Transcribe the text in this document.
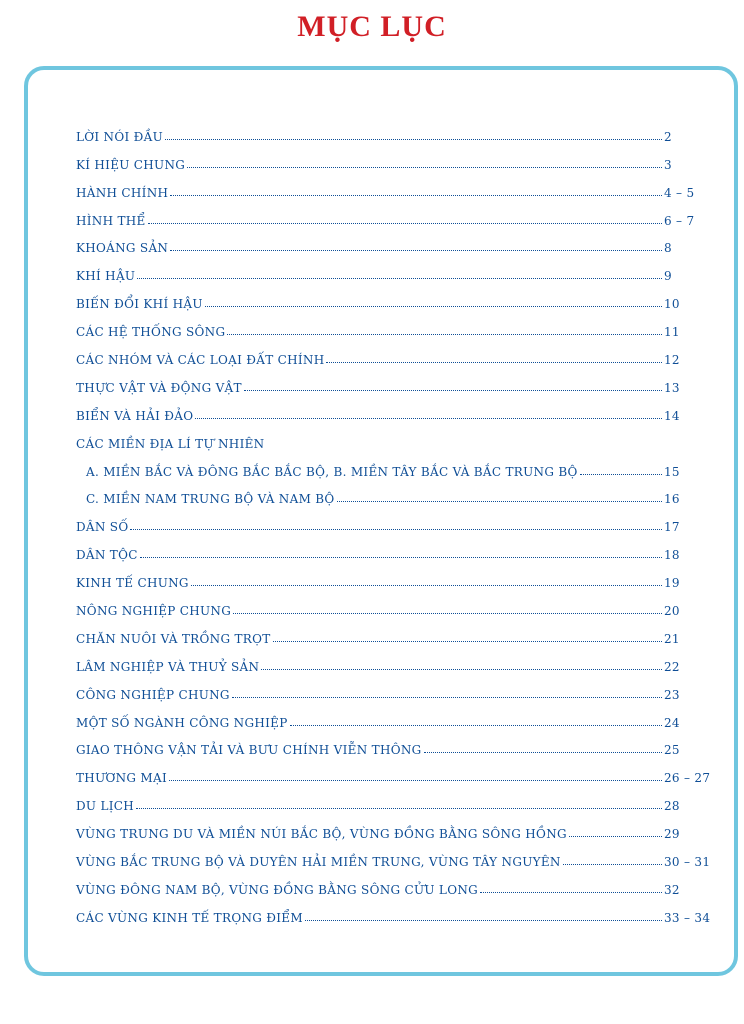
MỤC LỤC
LỜI NÓI ĐẦU	2
KÍ HIỆU CHUNG	3
HÀNH CHÍNH	4 – 5
HÌNH THỂ	6 – 7
KHOÁNG SẢN	8
KHÍ HẬU	9
BIẾN ĐỔI KHÍ HẬU	10
CÁC HỆ THỐNG SÔNG	11
CÁC NHÓM VÀ CÁC LOẠI ĐẤT CHÍNH	12
THỰC VẬT VÀ ĐỘNG VẬT	13
BIỂN VÀ HẢI ĐẢO	14
CÁC MIỀN ĐỊA LÍ TỰ NHIÊN
A. MIỀN BẮC VÀ ĐÔNG BẮC BẮC BỘ, B. MIỀN TÂY BẮC VÀ BẮC TRUNG BỘ	15
C. MIỀN NAM TRUNG BỘ VÀ NAM BỘ	16
DÂN SỐ	17
DÂN TỘC	18
KINH TẾ CHUNG	19
NÔNG NGHIỆP CHUNG	20
CHĂN NUÔI VÀ TRỒNG TRỌT	21
LÂM NGHIỆP VÀ THUỶ SẢN	22
CÔNG NGHIỆP CHUNG	23
MỘT SỐ NGÀNH CÔNG NGHIỆP	24
GIAO THÔNG VẬN TẢI VÀ BƯU CHÍNH VIỄN THÔNG	25
THƯƠNG MẠI	26 – 27
DU LỊCH	28
VÙNG TRUNG DU VÀ MIỀN NÚI BẮC BỘ, VÙNG ĐỒNG BẰNG SÔNG HỒNG	29
VÙNG BẮC TRUNG BỘ VÀ DUYÊN HẢI MIỀN TRUNG, VÙNG TÂY NGUYÊN	30 – 31
VÙNG ĐÔNG NAM BỘ, VÙNG ĐỒNG BẰNG SÔNG CỬU LONG	32
CÁC VÙNG KINH TẾ TRỌNG ĐIỂM	33 – 34
